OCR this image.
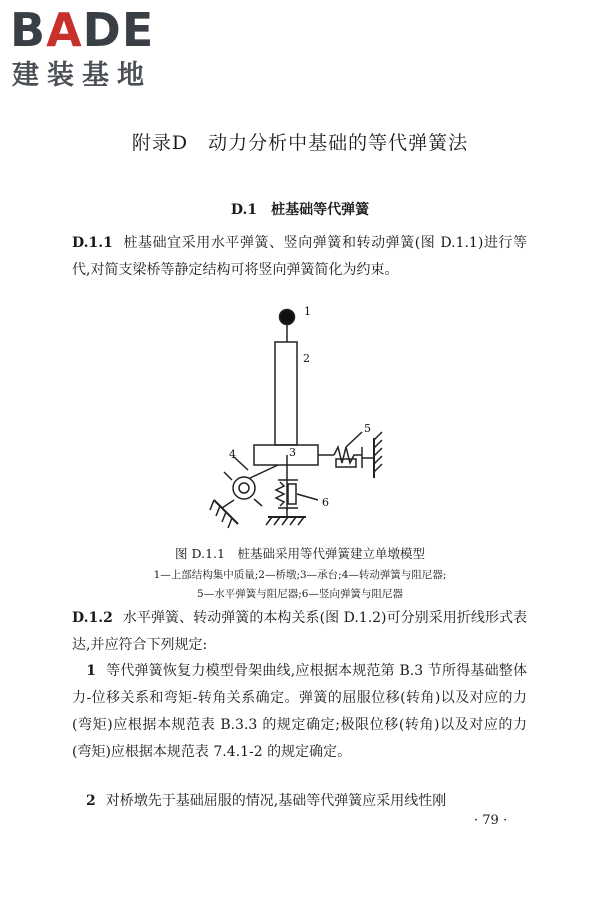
BADE
建装基地
附录D　动力分析中基础的等代弹簧法
D.1　桩基础等代弹簧

D.1.1 桩基础宜采用水平弹簧、竖向弹簧和转动弹簧(图 D.1.1)进行等代,对简支梁桥等静定结构可将竖向弹簧简化为约束。

1
2
3
4
5
6
图 D.1.1　桩基础采用等代弹簧建立单墩模型
1—上部结构集中质量;2—桥墩;3—承台;4—转动弹簧与阻尼器;
5—水平弹簧与阻尼器;6—竖向弹簧与阻尼器

D.1.2 水平弹簧、转动弹簧的本构关系(图 D.1.2)可分别采用折线形式表达,并应符合下列规定:

　1 等代弹簧恢复力模型骨架曲线,应根据本规范第 B.3 节所得基础整体力-位移关系和弯矩-转角关系确定。弹簧的屈服位移(转角)以及对应的力(弯矩)应根据本规范表 B.3.3 的规定确定;极限位移(转角)以及对应的力(弯矩)应根据本规范表 7.4.1-2 的规定确定。

　2 对桥墩先于基础屈服的情况,基础等代弹簧应采用线性刚

· 79 ·
